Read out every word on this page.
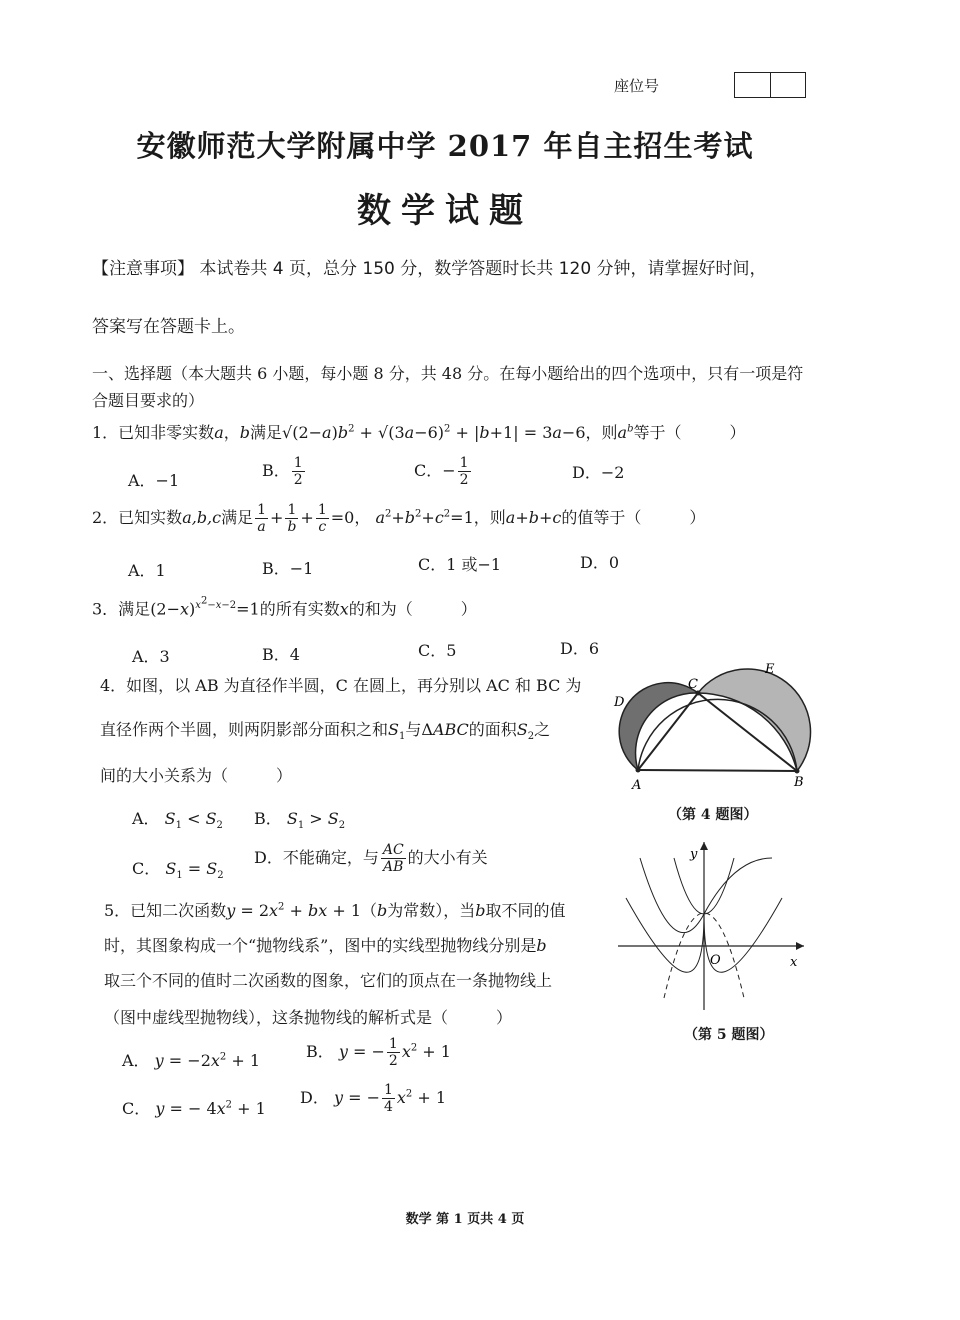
座位号
安徽师范大学附属中学 2017 年自主招生考试
数学试题
【注意事项】 本试卷共 4 页，总分 150 分，数学答题时长共 120 分钟，请掌握好时间，
答案写在答题卡上。
一、选择题（本大题共 6 小题，每小题 8 分，共 48 分。在每小题给出的四个选项中，只有一项是符合题目要求的）
1．已知非零实数a，b满足$√(2-a)b^2 + √(3a-6)^2 + |b+1| = 3a-6$，则$a^b$等于（　　　）
A．−1
B． $\frac{1}{2}$	C．− $\frac{1}{2}$	D．−2
2．已知实数a,b,c满足 $\frac{1}{a} + \frac{1}{b} + \frac{1}{c} =0$， $a^2+b^2+c^2=1$，则a+b+c的值等于（　　　）
A．1	B．−1	C．1 或−1	D．0
3．满足$(2-x)^{x^2-x-2}=1$的所有实数x的和为（　　　）
A．3	B．4	C．5	D．6
4．如图，以 AB 为直径作半圆，C 在圆上，再分别以 AC 和 BC 为
直径作两个半圆，则两阴影部分面积之和$S_1$与ΔABC的面积$S_2$之
间的大小关系为（　　　）
A． $S_1 < S_2$ B． $S_1 > S_2$
C． $S_1 = S_2$
D．不能确定，与 $\frac{AC}{AB}$ 的大小有关
A	B
C
D
E
（第 4 题图）
5．已知二次函数$y = 2x^2$ + bx + 1（b为常数），当b取不同的值
时，其图象构成一个“抛物线系”，图中的实线型抛物线分别是b
取三个不同的值时二次函数的图象，它们的顶点在一条抛物线上
（图中虚线型抛物线），这条抛物线的解析式是（　　　）
A． $y = -2x^2 + 1$	B． y = − $\frac{1}{2} x^2 + 1$
C． y = − $4x^2 + 1$
D． y = − $\frac{1}{4} x^2 + 1$
O	x
y
（第 5 题图）
数学 第 1 页共 4 页
